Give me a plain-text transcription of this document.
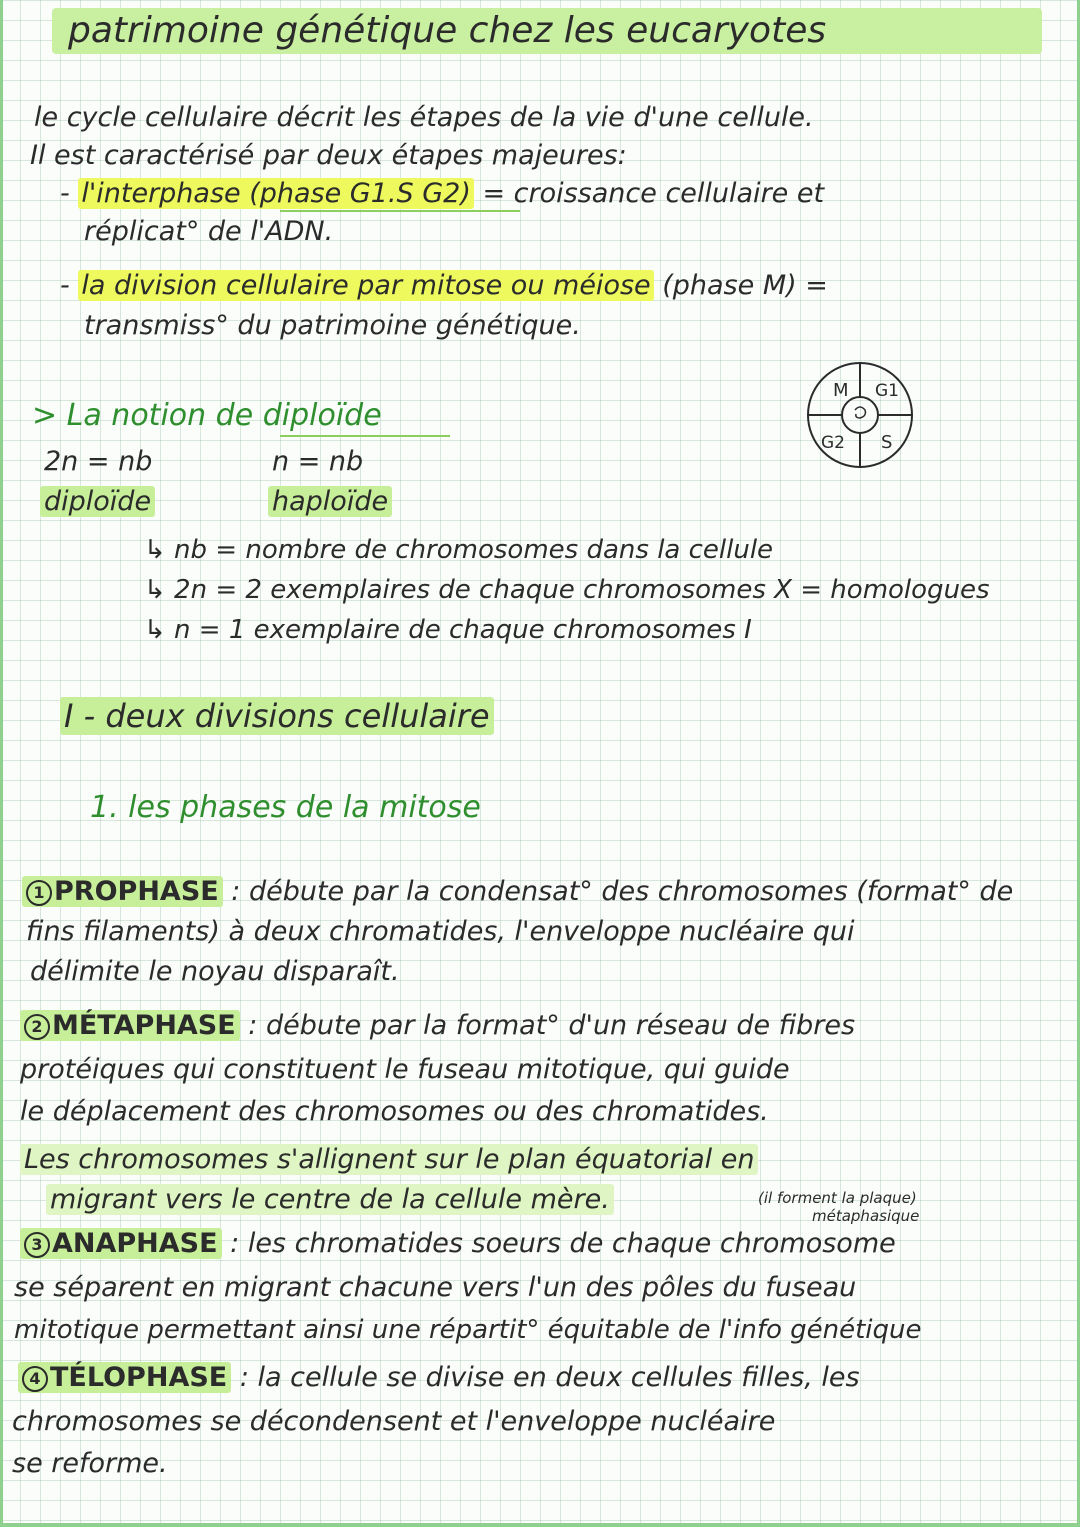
patrimoine génétique chez les eucaryotes
le cycle cellulaire décrit les étapes de la vie d'une cellule.
Il est caractérisé par deux étapes majeures:
- l'interphase (phase G1.S G2) = croissance cellulaire et
réplicat° de l'ADN.
- la division cellulaire par mitose ou méiose (phase M) =
transmiss° du patrimoine génétique.
M G1
S
G2
> La notion de diploïde
2n = nb	n = nb
diploïde	haploïde
↳ nb = nombre de chromosomes dans la cellule
↳ 2n = 2 exemplaires de chaque chromosomes X = homologues
↳ n = 1 exemplaire de chaque chromosomes I
I - deux divisions cellulaire
1. les phases de la mitose
1 PROPHASE : débute par la condensat° des chromosomes (format° de
fins filaments) à deux chromatides, l'enveloppe nucléaire qui
délimite le noyau disparaît.
2 MÉTAPHASE : débute par la format° d'un réseau de fibres
protéiques qui constituent le fuseau mitotique, qui guide
le déplacement des chromosomes ou des chromatides.
Les chromosomes s'allignent sur le plan équatorial en
migrant vers le centre de la cellule mère.	(il forment la plaque)
métaphasique
3 ANAPHASE : les chromatides soeurs de chaque chromosome
se séparent en migrant chacune vers l'un des pôles du fuseau
mitotique permettant ainsi une répartit° équitable de l'info génétique
4 TÉLOPHASE : la cellule se divise en deux cellules filles, les
chromosomes se décondensent et l'enveloppe nucléaire
se reforme.
